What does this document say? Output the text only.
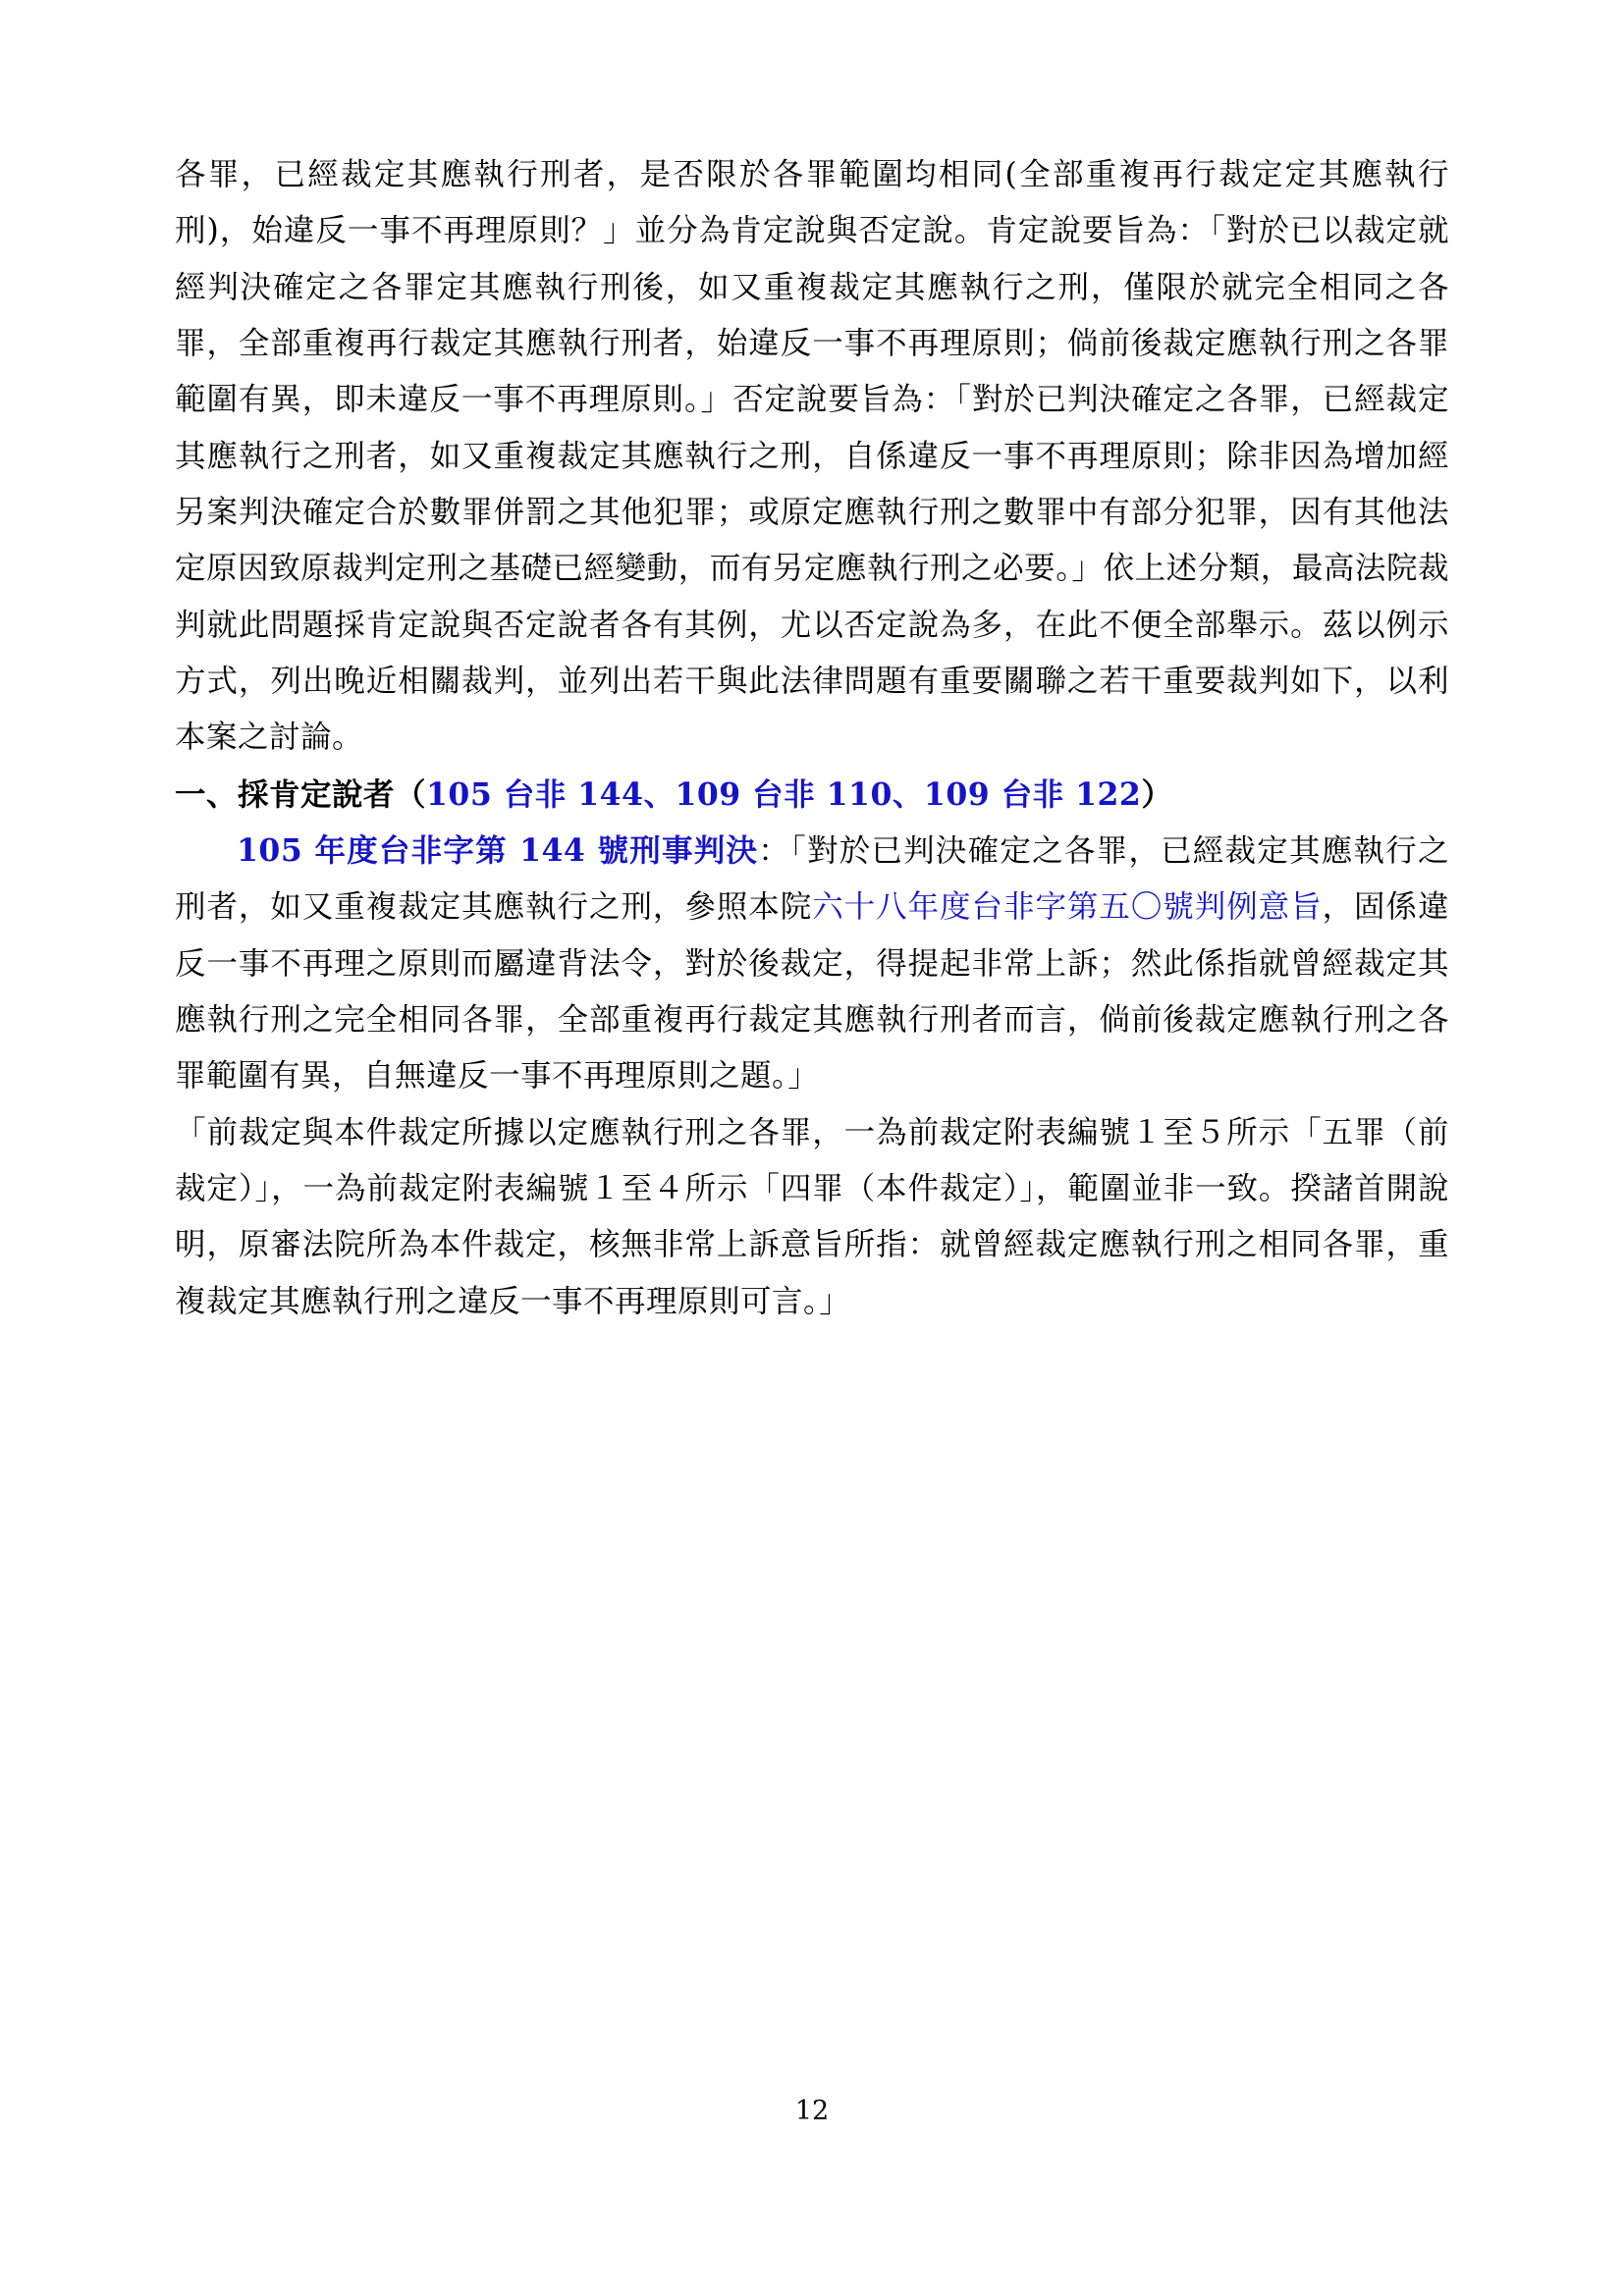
各罪，已經裁定其應執行刑者，是否限於各罪範圍均相同(全部重複再行裁定定其應執行刑)，始違反一事不再理原則？」並分為肯定說與否定說。肯定說要旨為：「對於已以裁定就經判決確定之各罪定其應執行刑後，如又重複裁定其應執行之刑，僅限於就完全相同之各罪，全部重複再行裁定其應執行刑者，始違反一事不再理原則；倘前後裁定應執行刑之各罪範圍有異，即未違反一事不再理原則。」否定說要旨為：「對於已判決確定之各罪，已經裁定其應執行之刑者，如又重複裁定其應執行之刑，自係違反一事不再理原則；除非因為增加經另案判決確定合於數罪併罰之其他犯罪；或原定應執行刑之數罪中有部分犯罪，因有其他法定原因致原裁判定刑之基礎已經變動，而有另定應執行刑之必要。」依上述分類，最高法院裁判就此問題採肯定說與否定說者各有其例，尤以否定說為多，在此不便全部舉示。茲以例示方式，列出晚近相關裁判，並列出若干與此法律問題有重要關聯之若干重要裁判如下，以利本案之討論。

一、採肯定說者（105 台非 144、109 台非 110、109 台非 122）

105 年度台非字第 144 號刑事判決：「對於已判決確定之各罪，已經裁定其應執行之刑者，如又重複裁定其應執行之刑，參照本院六十八年度台非字第五〇號判例意旨，固係違反一事不再理之原則而屬違背法令，對於後裁定，得提起非常上訴；然此係指就曾經裁定其應執行刑之完全相同各罪，全部重複再行裁定其應執行刑者而言，倘前後裁定應執行刑之各罪範圍有異，自無違反一事不再理原則之題。」

「前裁定與本件裁定所據以定應執行刑之各罪，一為前裁定附表編號１至５所示「五罪（前裁定）」，一為前裁定附表編號１至４所示「四罪（本件裁定）」，範圍並非一致。揆諸首開說明，原審法院所為本件裁定，核無非常上訴意旨所指：就曾經裁定應執行刑之相同各罪，重複裁定其應執行刑之違反一事不再理原則可言。」

12
